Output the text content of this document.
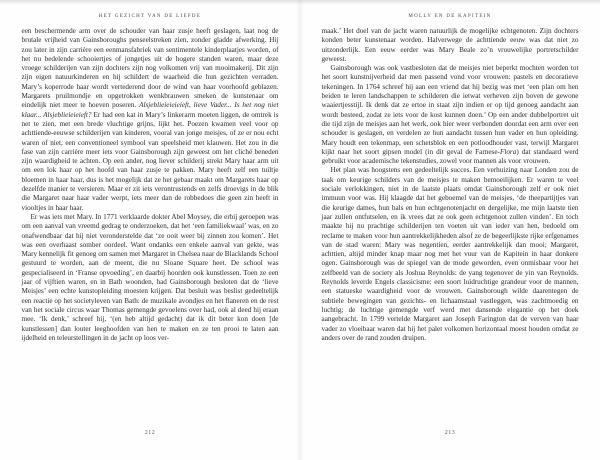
HET GEZICHT VAN DE LIEFDE

een beschermende arm over de schouder van haar zusje heeft geslagen, laat nog de brutale vrijheid van Gainsboroughs penseelstreken zien, zonder gladde afwerking. Hij zou later in zijn carrière een eenmansfabriek van sentimentele kinderplaatjes worden, of het nu bedelende schooiertjes of jongetjes uit de hogere standen waren, maar deze vroege schilderijen van zijn dochters zijn nog volkomen vrij van mooimakerij. Dit zijn zijn eigen natuurkinderen en hij schildert de waarheid die hun gezichten verraden. Mary’s koperrode haar wordt vertederend door de wind van haar voorhoofd geblazen. Margarets pruilmondje en opgetrokken wenkbrauwen smeken de kunstenaar om eindelijk niet meer te hoeven poseren. Alsjeblieieieieieft, lieve Vader... Is het nog niet klaar... Alsjeblieieieieft? Er had een kat in Mary’s linkerarm moeten liggen, de omtrek is net te zien, met een brede vluchtige grijns, lijkt het. Poezen kwamen veel voor op achttiende-eeuwse schilderijen van kinderen, vooral van jonge meisjes, of ze er nou echt waren of niet, een conventioneel symbool van speelsheid met klauwen. Het zou in die fase van zijn carrière meer iets voor Gainsborough zijn geweest om het cliché beneden zijn waardigheid te achten. Op een ander, nog liever schilderij strekt Mary haar arm uit om een lok haar op het hoofd van haar zusje te pakken. Mary heeft zelf een tuiltje bloemen in haar haar, dus is het mogelijk dat ze het gebaar maakt om Margarets haar op dezelfde manier te versieren. Maar er zit iets verontrustends en zelfs droevigs in de blik die Margaret naar haar vader werpt, iets meer dan de robbedoes die geen zin heeft in viooltjes in haar haar.

Er was iets met Mary. In 1771 verklaarde dokter Abel Moysey, die erbij geroepen was om een aanval van vreemd gedrag te onderzoeken, dat het ‘een familiekwaal’ was, en zo onafwendbaar dat hij niet veronderstelde dat ‘ze ooit weer bij zinnen zou komen’. Het was een overhaast somber oordeel. Want ondanks een enkele aanval van gekte, was Mary kennelijk fit genoeg om samen met Margaret in Chelsea naar de Blacklands School gestuurd te worden, aan de meent, die nu Sloane Square heet. De school was gespecialiseerd in ‘Franse opvoeding’, en daarbij hoorden ook kunstlessen. Toen ze een jaar of vijftien waren, en in Bath woonden, had Gainsborough besloten dat de ‘lieve Meisjes’ een echte kunstopleiding moesten krijgen. Dat besluit was beslist gedeeltelijk een reactie op het societyleven van Bath: de muzikale avondjes en het flaneren en de rest van het sociale circus waar Thomas gemengde gevoelens over had, ook al deed hij eraan mee. ‘Ik denk,’ schreef hij, ‘(en heb altijd gedacht) dat ik dit beter kon doen [de kunstlessen] dan louter leeghoofden van hen te maken en ze ten prooi te laten aan ijdelheid en teleurstellingen in de jacht op loos ver-

212
MOLLY EN DE KAPITEIN

maak.’ Het doel van de jacht waren natuurlijk de mogelijke echtgenoten. Zijn dochters konden beter kunstenaar worden. Halverwege de achttiende eeuw was dat niet zo uitzonderlijk. Een eeuw eerder was Mary Beale zo’n vrouwelijke portretschilder geweest.

Gainsborough was ook vastbesloten dat de meisjes niet beperkt mochten worden tot het soort kunstnijverheid dat men passend vond voor vrouwen: pastels en decoratieve tekeningen. In 1764 schreef hij aan een vriend dat hij bezig was met ‘een plan om hen beiden te leren landschappen te schilderen die ietwat verheven zijn boven de gewone waaiertjesstijl. Ik denk dat ze ertoe in staat zijn indien er op tijd genoeg aandacht aan wordt besteed, zodat ze iets voor de kost kunnen doen.’ Op een ander dubbelportret uit die tijd zijn de meisjes aan het werk, ook hier weer verbonden doordat een arm over een schouder is geslagen, en verdelen ze hun aandacht tussen hun vader en hun opleiding. Mary houdt een tekenmap, een schetsblok en een potloodhouder vast, terwijl Margaret kijkt naar het soort gipsen model (in dit geval de Farnese-Flora) dat standaard werd gebruikt voor academische tekenstudies, zowel voor mannen als voor vrouwen.

Het plan was hoogstens een gedeeltelijk succes. Een verhuizing naar Londen zou de taak om keurige schilders van de meisjes te maken bemoeilijken. Er waren te veel sociale verlokkingen, niet in de laatste plaats omdat Gainsborough zelf er ook niet immuun voor was. Hij klaagde dat het geboemel van de meisjes, ‘de theepartijtjes van die keurige dames, hun bals en hun echtgenotenjacht en dergelijke, me mijn laatste tien jaar zullen ontfutselen, en ik vrees dat ze ook geen echtgenoot zullen vinden’. En toch maakte hij nu prachtige schilderijen ten voeten uit van ieder van hen, bedoeld om reclame te maken voor hun aantrekkelijkheden alsof ze de begeerlijkste rijke erfgenames van de stad waren: Mary was negentien, eerder aantrekkelijk dan mooi; Margaret, achttien, altijd minder knap maar nog met het vuur van de Kapitein in haar donkere ogen. Gainsborough was de spiegel van de mode geworden, even onmisbaar voor het zelfbeeld van de society als Joshua Reynolds: de yang tegenover de yin van Reynolds. Reynolds leverde Engels classicisme: een soort luidruchtige grandeur voor de mannen, een statueske waardigheid voor de vrouwen. Gainsborough wilde daarentegen de subtiele bewegingen van gezichts- en lichaamstaal vastleggen, was zachtmoedig en luchtig; de luchtige gemengde verf werd met dansende elegantie op het doek aangebracht. In 1799 vertelde Margaret aan Joseph Farington dat de verven van haar vader zo vloeibaar waren dat hij het palet volkomen horizontaal moest houden omdat ze anders over de rand zouden druipen.

213
